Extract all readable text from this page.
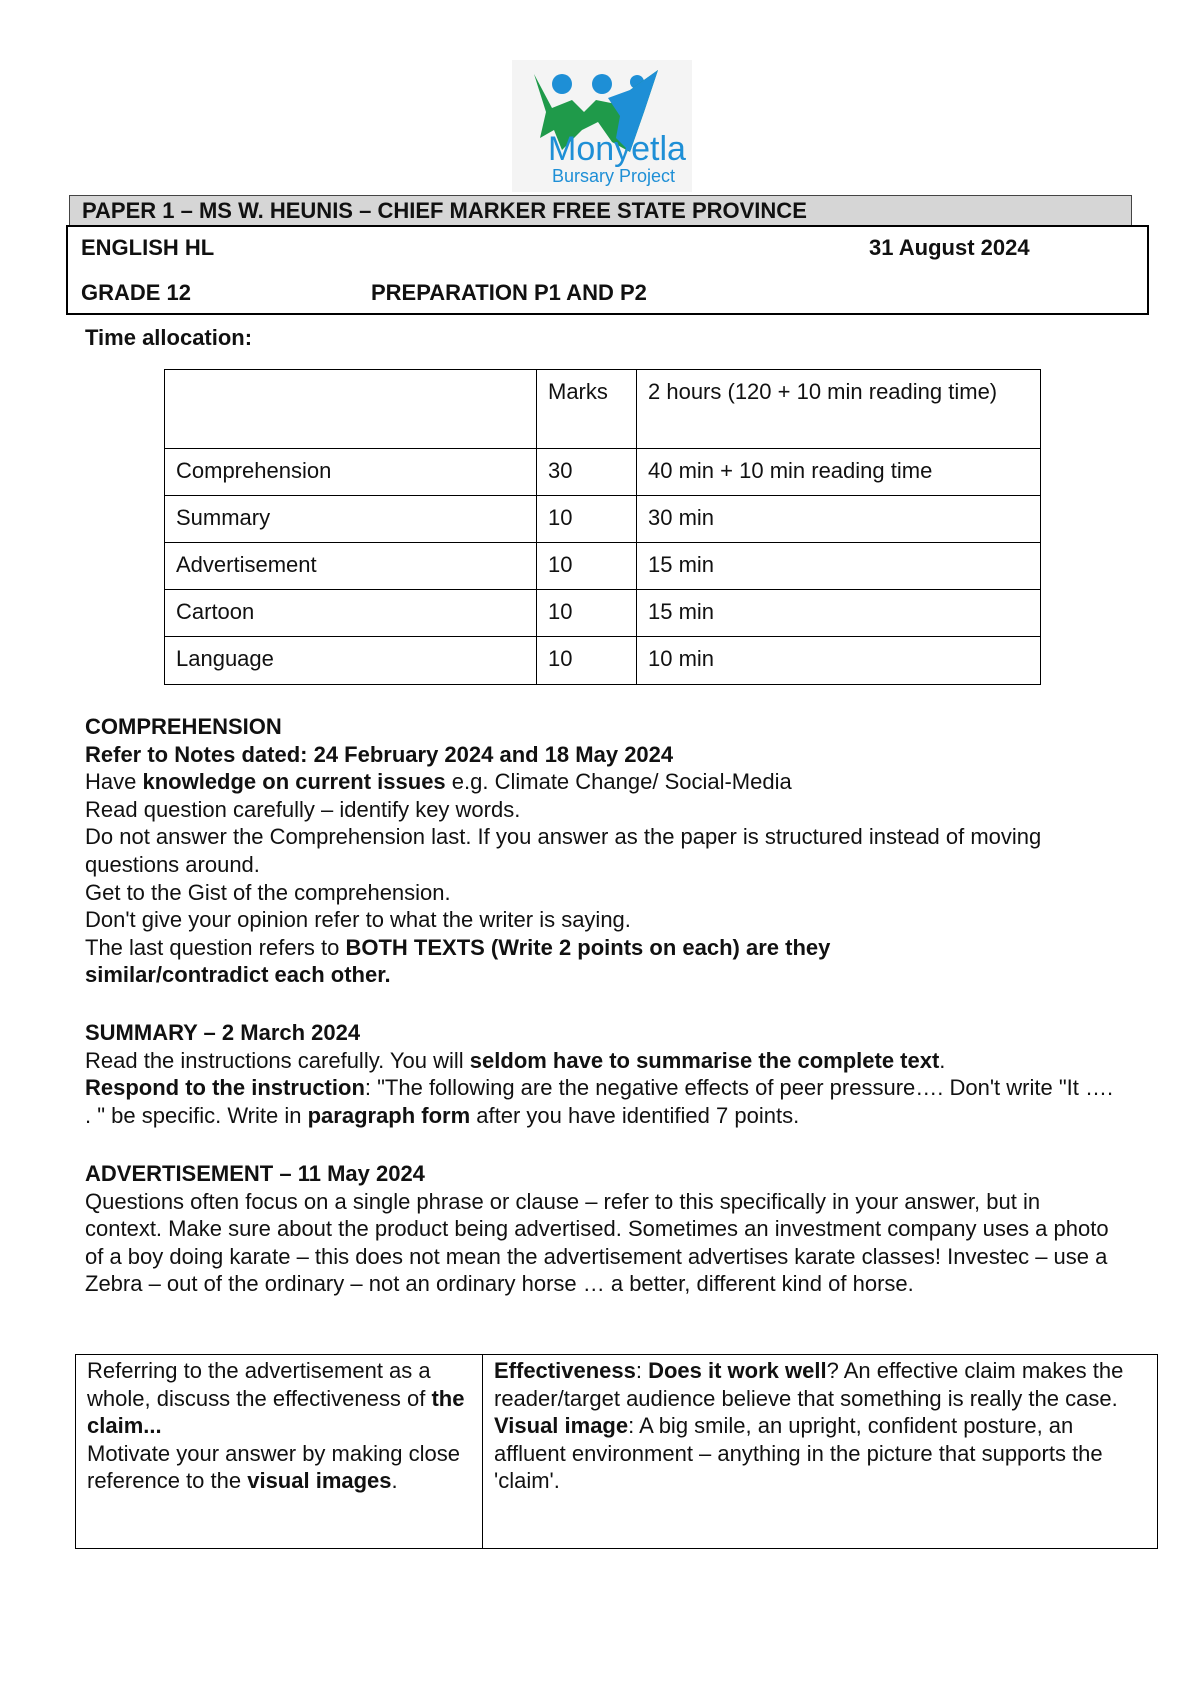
Monyetla
Bursary Project
PAPER 1 – MS W. HEUNIS – CHIEF MARKER FREE STATE PROVINCE
ENGLISH HL	31 August 2024
GRADE 12	PREPARATION P1 AND P2
Time allocation:
	Marks	2 hours (120 + 10 min reading time)
Comprehension	30	40 min + 10 min reading time
Summary	10	30 min
Advertisement	10	15 min
Cartoon	10	15 min
Language	10	10 min

COMPREHENSION

Refer to Notes dated: 24 February 2024 and 18 May 2024

Have knowledge on current issues e.g. Climate Change/ Social-Media

Read question carefully – identify key words.

Do not answer the Comprehension last. If you answer as the paper is structured instead of moving questions around.

Get to the Gist of the comprehension.

Don't give your opinion refer to what the writer is saying.

The last question refers to BOTH TEXTS (Write 2 points on each) are they similar/contradict each other.

SUMMARY – 2 March 2024

Read the instructions carefully. You will seldom have to summarise the complete text.

Respond to the instruction: "The following are the negative effects of peer pressure…. Don't write "It …. . " be specific. Write in paragraph form after you have identified 7 points.

ADVERTISEMENT – 11 May 2024

Questions often focus on a single phrase or clause – refer to this specifically in your answer, but in context. Make sure about the product being advertised. Sometimes an investment company uses a photo of a boy doing karate – this does not mean the advertisement advertises karate classes! Investec – use a Zebra – out of the ordinary – not an ordinary horse … a better, different kind of horse.

Referring to the advertisement as a whole, discuss the effectiveness of the claim...
Motivate your answer by making close reference to the visual images.	Effectiveness: Does it work well? An effective claim makes the reader/target audience believe that something is really the case.
Visual image: A big smile, an upright, confident posture, an affluent environment – anything in the picture that supports the 'claim'.
